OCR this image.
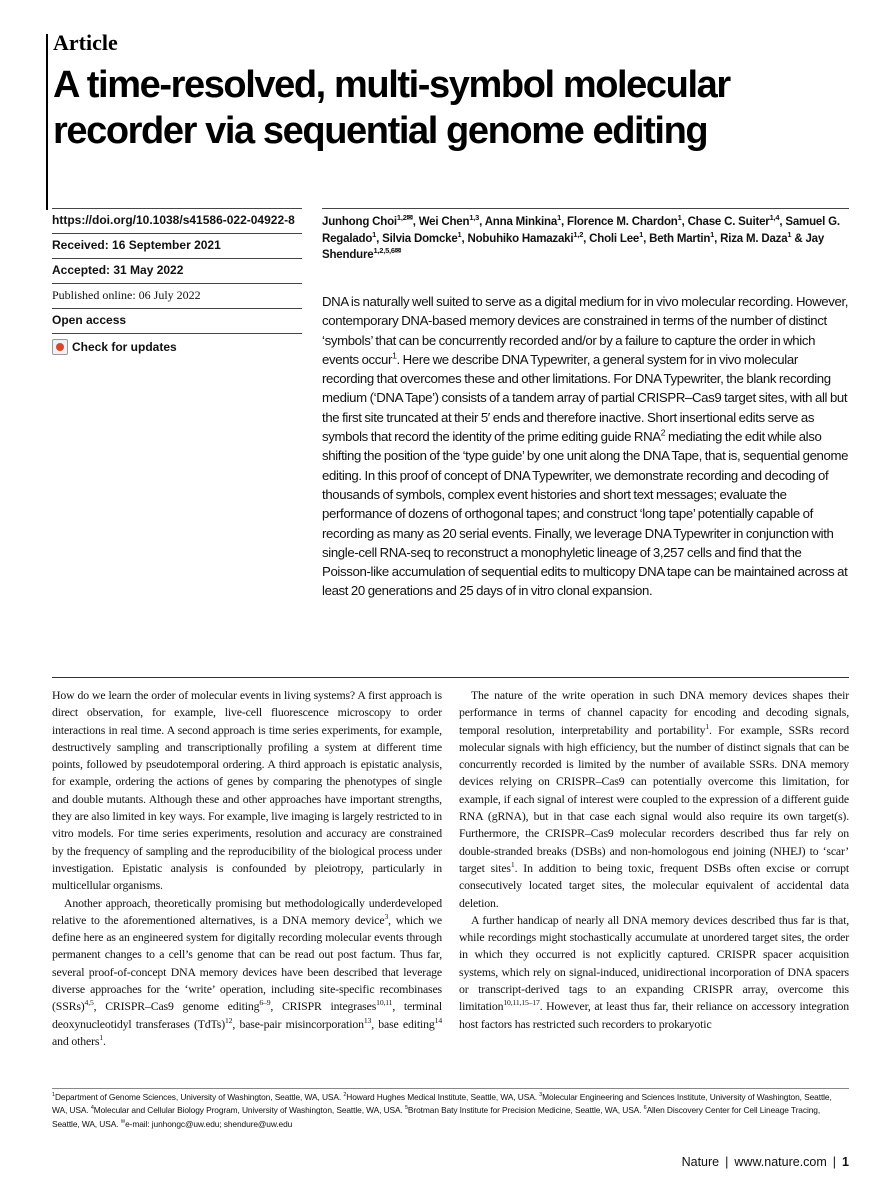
Article
A time-resolved, multi-symbol molecular recorder via sequential genome editing
https://doi.org/10.1038/s41586-022-04922-8
Received: 16 September 2021
Accepted: 31 May 2022
Published online: 06 July 2022
Open access
Check for updates
Junhong Choi$^{1,2✉}$, Wei Chen$^{1,3}$, Anna Minkina$^1$, Florence M. Chardon$^1$, Chase C. Suiter$^{1,4}$, Samuel G. Regalado$^1$, Silvia Domcke$^1$, Nobuhiko Hamazaki$^{1,2}$, Choli Lee$^1$, Beth Martin$^1$, Riza M. Daza$^1$ & Jay Shendure$^{1,2,5,6✉}$

DNA is naturally well suited to serve as a digital medium for in vivo molecular recording. However, contemporary DNA-based memory devices are constrained in terms of the number of distinct ‘symbols’ that can be concurrently recorded and/or by a failure to capture the order in which events occur$^1$. Here we describe DNA Typewriter, a general system for in vivo molecular recording that overcomes these and other limitations. For DNA Typewriter, the blank recording medium (‘DNA Tape’) consists of a tandem array of partial CRISPR–Cas9 target sites, with all but the first site truncated at their 5′ ends and therefore inactive. Short insertional edits serve as symbols that record the identity of the prime editing guide RNA$^2$ mediating the edit while also shifting the position of the ‘type guide’ by one unit along the DNA Tape, that is, sequential genome editing. In this proof of concept of DNA Typewriter, we demonstrate recording and decoding of thousands of symbols, complex event histories and short text messages; evaluate the performance of dozens of orthogonal tapes; and construct ‘long tape’ potentially capable of recording as many as 20 serial events. Finally, we leverage DNA Typewriter in conjunction with single-cell RNA-seq to reconstruct a monophyletic lineage of 3,257 cells and find that the Poisson-like accumulation of sequential edits to multicopy DNA tape can be maintained across at least 20 generations and 25 days of in vitro clonal expansion.

How do we learn the order of molecular events in living systems? A first approach is direct observation, for example, live-cell fluorescence microscopy to order interactions in real time. A second approach is time series experiments, for example, destructively sampling and transcriptionally profiling a system at different time points, followed by pseudotemporal ordering. A third approach is epistatic analysis, for example, ordering the actions of genes by comparing the phenotypes of single and double mutants. Although these and other approaches have important strengths, they are also limited in key ways. For example, live imaging is largely restricted to in vitro models. For time series experiments, resolution and accuracy are constrained by the frequency of sampling and the reproducibility of the biological process under investigation. Epistatic analysis is confounded by pleiotropy, particularly in multicellular organisms.

Another approach, theoretically promising but methodologically underdeveloped relative to the aforementioned alternatives, is a DNA memory device$^3$, which we define here as an engineered system for digitally recording molecular events through permanent changes to a cell’s genome that can be read out post factum. Thus far, several proof-of-concept DNA memory devices have been described that leverage diverse approaches for the ‘write’ operation, including site-specific recombinases (SSRs)$^{4,5}$, CRISPR–Cas9 genome editing$^{6-9}$, CRISPR integrases$^{10,11}$, terminal deoxynucleotidyl transferases (TdTs)$^{12}$, base-pair misincorporation$^{13}$, base editing$^{14}$ and others$^1$.

The nature of the write operation in such DNA memory devices shapes their performance in terms of channel capacity for encoding and decoding signals, temporal resolution, interpretability and portability$^1$. For example, SSRs record molecular signals with high efficiency, but the number of distinct signals that can be concurrently recorded is limited by the number of available SSRs. DNA memory devices relying on CRISPR–Cas9 can potentially overcome this limitation, for example, if each signal of interest were coupled to the expression of a different guide RNA (gRNA), but in that case each signal would also require its own target(s). Furthermore, the CRISPR–Cas9 molecular recorders described thus far rely on double-stranded breaks (DSBs) and non-homologous end joining (NHEJ) to ‘scar’ target sites$^1$. In addition to being toxic, frequent DSBs often excise or corrupt consecutively located target sites, the molecular equivalent of accidental data deletion.

A further handicap of nearly all DNA memory devices described thus far is that, while recordings might stochastically accumulate at unordered target sites, the order in which they occurred is not explicitly captured. CRISPR spacer acquisition systems, which rely on signal-induced, unidirectional incorporation of DNA spacers or transcript-derived tags to an expanding CRISPR array, overcome this limitation$^{10,11,15-17}$. However, at least thus far, their reliance on accessory integration host factors has restricted such recorders to prokaryotic

$^1$Department of Genome Sciences, University of Washington, Seattle, WA, USA. $^2$Howard Hughes Medical Institute, Seattle, WA, USA. $^3$Molecular Engineering and Sciences Institute, University of Washington, Seattle, WA, USA. $^4$Molecular and Cellular Biology Program, University of Washington, Seattle, WA, USA. $^5$Brotman Baty Institute for Precision Medicine, Seattle, WA, USA. $^6$Allen Discovery Center for Cell Lineage Tracing, Seattle, WA, USA. ✉e-mail: junhongc@uw.edu; shendure@uw.edu
Nature | www.nature.com | 1
